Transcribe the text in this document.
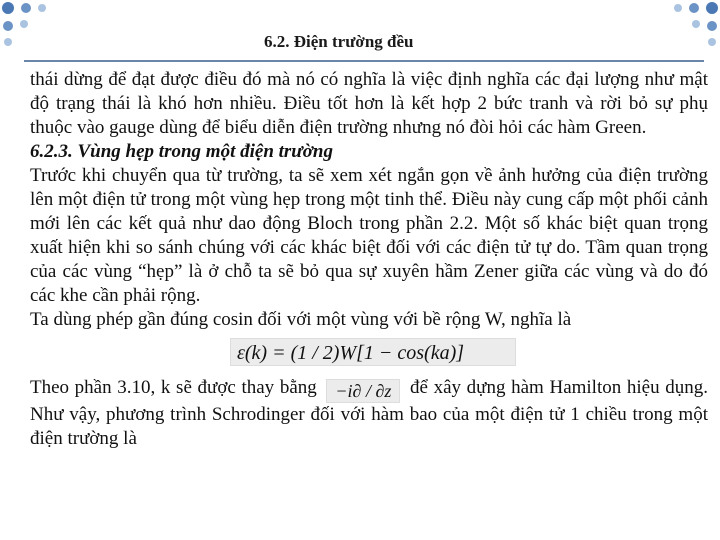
6.2. Điện trường đều

thái dừng để đạt được điều đó mà nó có nghĩa là việc định nghĩa các đại lượng như mật độ trạng thái là khó hơn nhiều. Điều tốt hơn là kết hợp 2 bức tranh và rời bỏ sự phụ thuộc vào gauge dùng để biểu diễn điện trường nhưng nó đòi hỏi các hàm Green.

6.2.3. Vùng hẹp trong một điện trường

Trước khi chuyển qua từ trường, ta sẽ xem xét ngắn gọn về ảnh hưởng của điện trường lên một điện tử trong một vùng hẹp trong một tinh thể. Điều này cung cấp một phối cảnh mới lên các kết quả như dao động Bloch trong phần 2.2. Một số khác biệt quan trọng xuất hiện khi so sánh chúng với các khác biệt đối với các điện tử tự do. Tầm quan trọng của các vùng “hẹp” là ở chỗ ta sẽ bỏ qua sự xuyên hầm Zener giữa các vùng và do đó các khe cần phải rộng.

Ta dùng phép gần đúng cosin đối với một vùng với bề rộng W, nghĩa là

ε(k) = (1 / 2)W[1 − cos(ka)]

Theo phần 3.10, k sẽ được thay bằng −i∂ / ∂z để xây dựng hàm Hamilton hiệu dụng. Như vậy, phương trình Schrodinger đối với hàm bao của một điện tử 1 chiều trong một điện trường là
